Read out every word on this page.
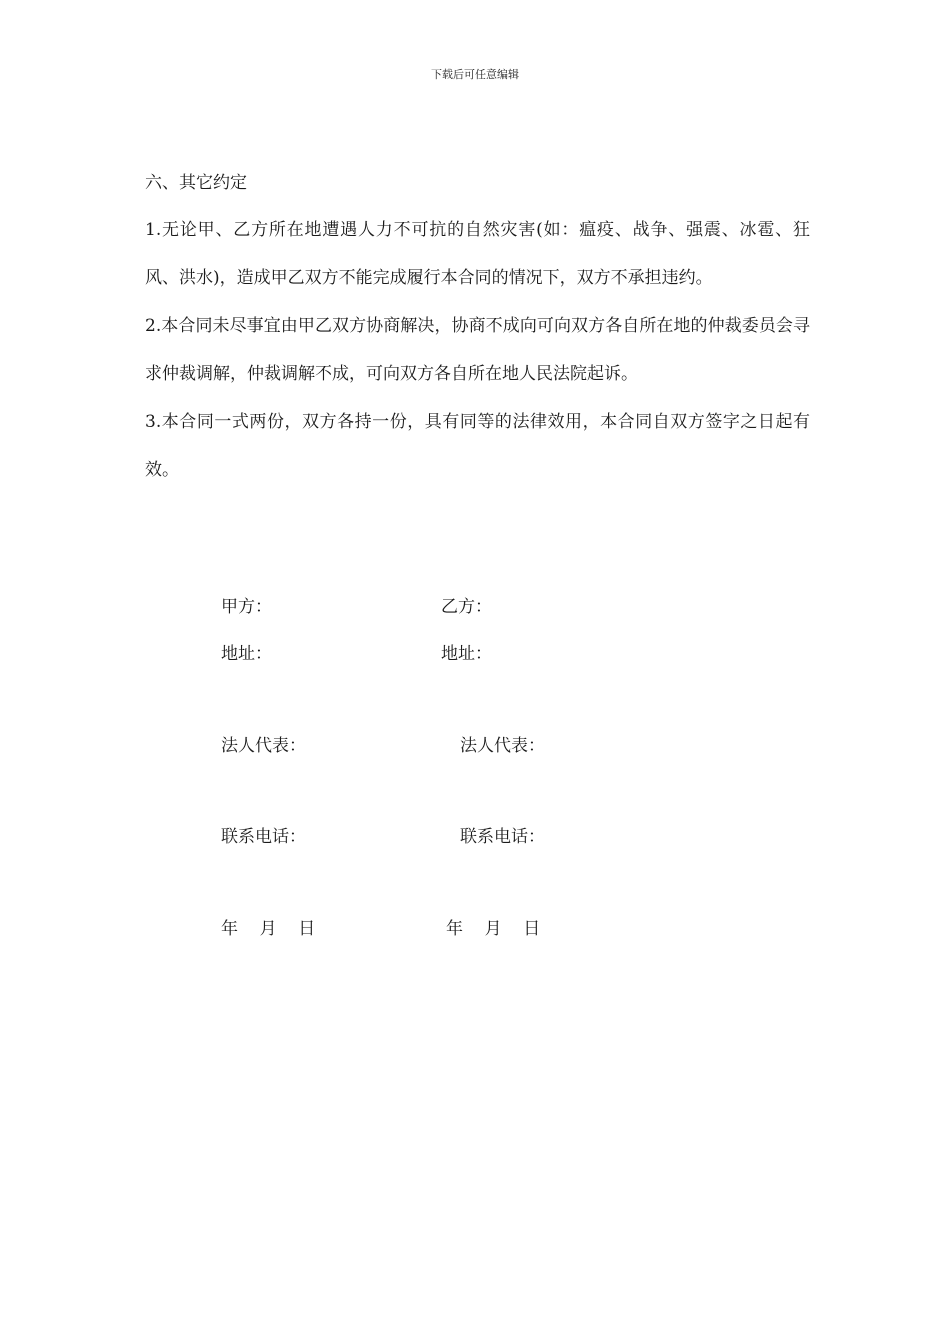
下载后可任意编辑

六、其它约定

1.无论甲、乙方所在地遭遇人力不可抗的自然灾害(如：瘟疫、战争、强震、冰雹、狂风、洪水)，造成甲乙双方不能完成履行本合同的情况下，双方不承担违约。

2.本合同未尽事宜由甲乙双方协商解决，协商不成向可向双方各自所在地的仲裁委员会寻求仲裁调解，仲裁调解不成，可向双方各自所在地人民法院起诉。

3.本合同一式两份，双方各持一份，具有同等的法律效用，本合同自双方签字之日起有效。

甲方：	乙方：
地址：	地址：
法人代表：	法人代表：
联系电话：	联系电话：
年    月    日	年    月    日
